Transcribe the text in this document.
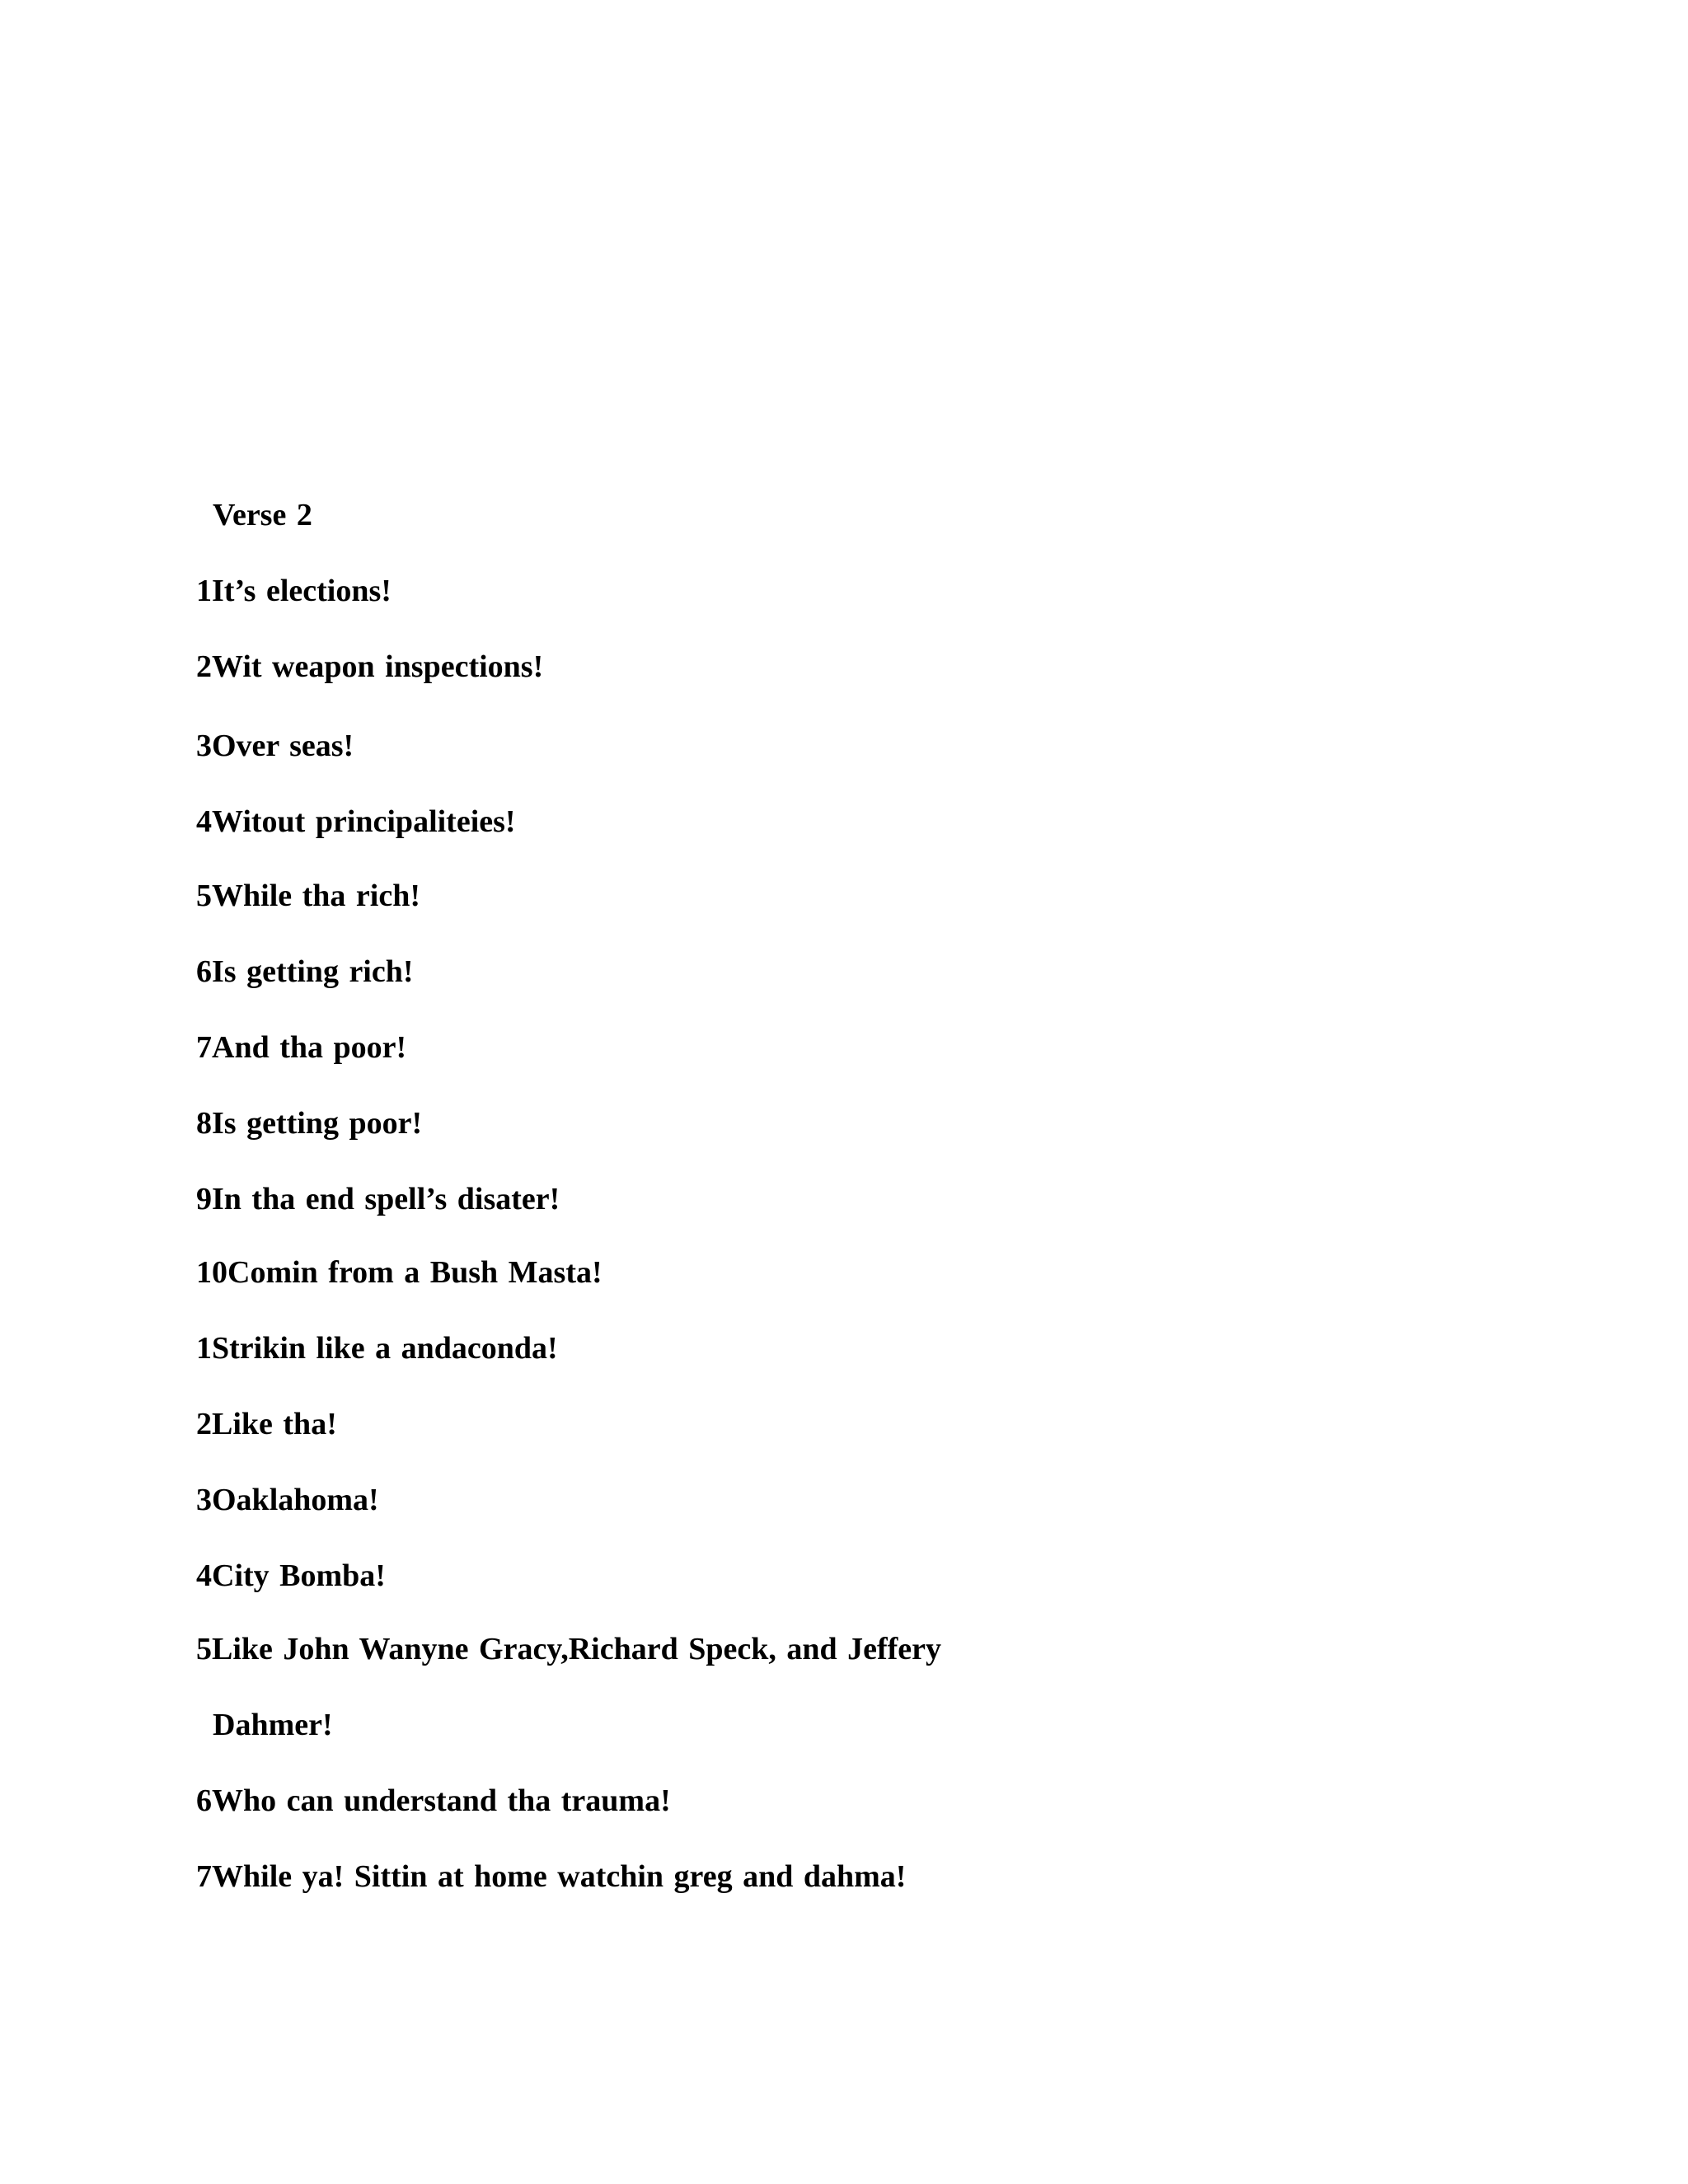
Verse 2

1It’s elections!

2Wit weapon inspections!

3Over seas!

4Witout principaliteies!

5While tha rich!

6Is getting rich!

7And tha poor!

8Is getting poor!

9In tha end spell’s disater!

10Comin from a Bush Masta!

1Strikin like a andaconda!

2Like tha!

3Oaklahoma!

4City Bomba!

5Like John Wanyne Gracy,Richard Speck, and Jeffery

Dahmer!

6Who can understand tha trauma!

7While ya! Sittin at home watchin greg and dahma!
